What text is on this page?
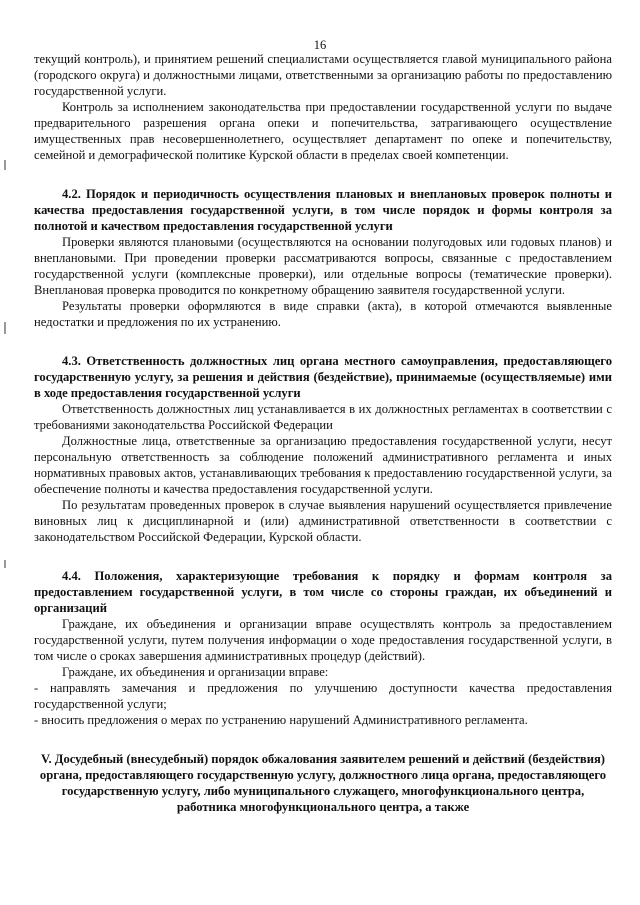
16

текущий контроль), и принятием решений специалистами осуществляется главой муниципального района (городского округа) и должностными лицами, ответственными за организацию работы по предоставлению государственной услуги.

Контроль за исполнением законодательства при предоставлении государственной услуги по выдаче предварительного разрешения органа опеки и попечительства, затрагивающего осуществление имущественных прав несовершеннолетнего, осуществляет департамент по опеке и попечительству, семейной и демографической политике Курской области в пределах своей компетенции.

4.2. Порядок и периодичность осуществления плановых и внеплановых проверок полноты и качества предоставления государственной услуги, в том числе порядок и формы контроля за полнотой и качеством предоставления государственной услуги

Проверки являются плановыми (осуществляются на основании полугодовых или годовых планов) и внеплановыми. При проведении проверки рассматриваются вопросы, связанные с предоставлением государственной услуги (комплексные проверки), или отдельные вопросы (тематические проверки). Внеплановая проверка проводится по конкретному обращению заявителя государственной услуги.

Результаты проверки оформляются в виде справки (акта), в которой отмечаются выявленные недостатки и предложения по их устранению.

4.3. Ответственность должностных лиц органа местного самоуправления, предоставляющего государственную услугу, за решения и действия (бездействие), принимаемые (осуществляемые) ими в ходе предоставления государственной услуги

Ответственность должностных лиц устанавливается в их должностных регламентах в соответствии с требованиями законодательства Российской Федерации

Должностные лица, ответственные за организацию предоставления государственной услуги, несут персональную ответственность за соблюдение положений административного регламента и иных нормативных правовых актов, устанавливающих требования к предоставлению государственной услуги, за обеспечение полноты и качества предоставления государственной услуги.

По результатам проведенных проверок в случае выявления нарушений осуществляется привлечение виновных лиц к дисциплинарной и (или) административной ответственности в соответствии с законодательством Российской Федерации, Курской области.

4.4. Положения, характеризующие требования к порядку и формам контроля за предоставлением государственной услуги, в том числе со стороны граждан, их объединений и организаций

Граждане, их объединения и организации вправе осуществлять контроль за предоставлением государственной услуги, путем получения информации о ходе предоставления государственной услуги, в том числе о сроках завершения административных процедур (действий).

Граждане, их объединения и организации вправе:

- направлять замечания и предложения по улучшению доступности качества предоставления государственной услуги;

- вносить предложения о мерах по устранению нарушений Административного регламента.

V. Досудебный (внесудебный) порядок обжалования заявителем решений и действий (бездействия) органа, предоставляющего государственную услугу, должностного лица органа, предоставляющего государственную услугу, либо муниципального служащего, многофункционального центра, работника многофункционального центра, а также
